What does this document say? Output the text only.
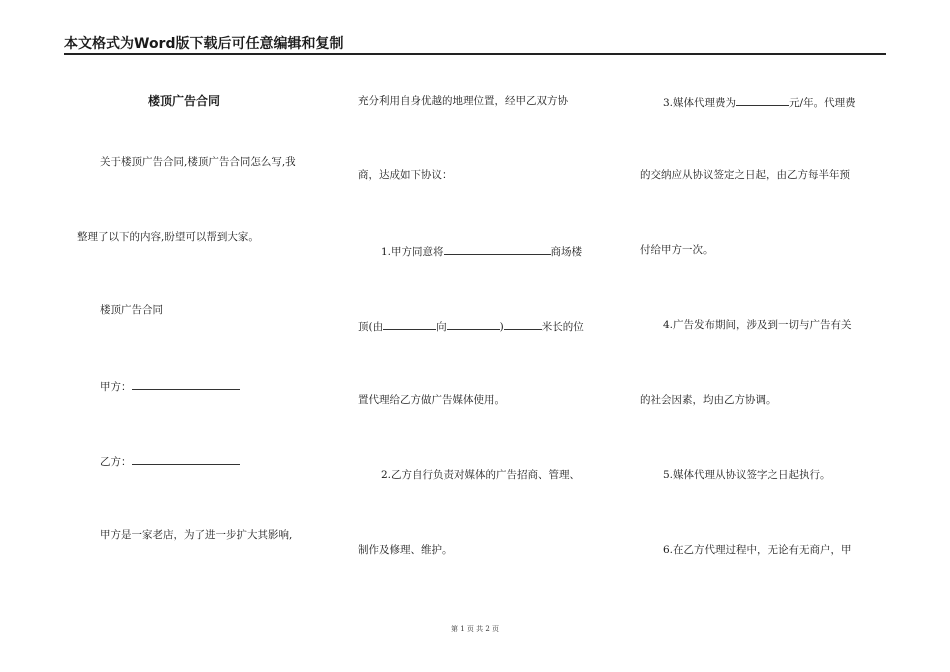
本文格式为Word版下载后可任意编辑和复制
楼顶广告合同
关于楼顶广告合同,楼顶广告合同怎么写,我
整理了以下的内容,盼望可以帮到大家。
楼顶广告合同
甲方：
乙方：
甲方是一家老店，为了进一步扩大其影响,
充分利用自身优越的地理位置，经甲乙双方协
商，达成如下协议：
1.甲方同意将	商场楼
顶(由	向	)	米长的位
置代理给乙方做广告媒体使用。
2.乙方自行负责对媒体的广告招商、管理、
制作及修理、维护。
3.媒体代理费为	元/年。代理费
的交纳应从协议签定之日起，由乙方每半年预
付给甲方一次。
4.广告发布期间，涉及到一切与广告有关
的社会因素，均由乙方协调。
5.媒体代理从协议签字之日起执行。
6.在乙方代理过程中，无论有无商户，甲
第 1 页 共 2 页
